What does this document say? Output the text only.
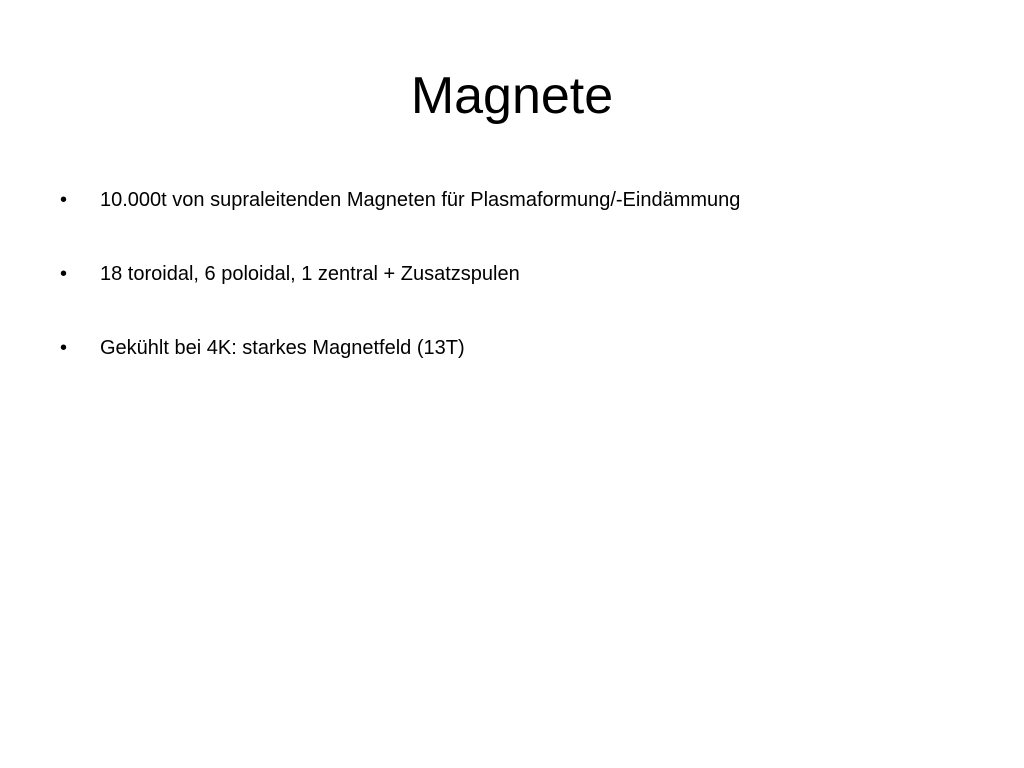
Magnete
•	10.000t von supraleitenden Magneten für Plasmaformung/-Eindämmung
•	18 toroidal, 6 poloidal, 1 zentral + Zusatzspulen
•	Gekühlt bei 4K: starkes Magnetfeld (13T)
